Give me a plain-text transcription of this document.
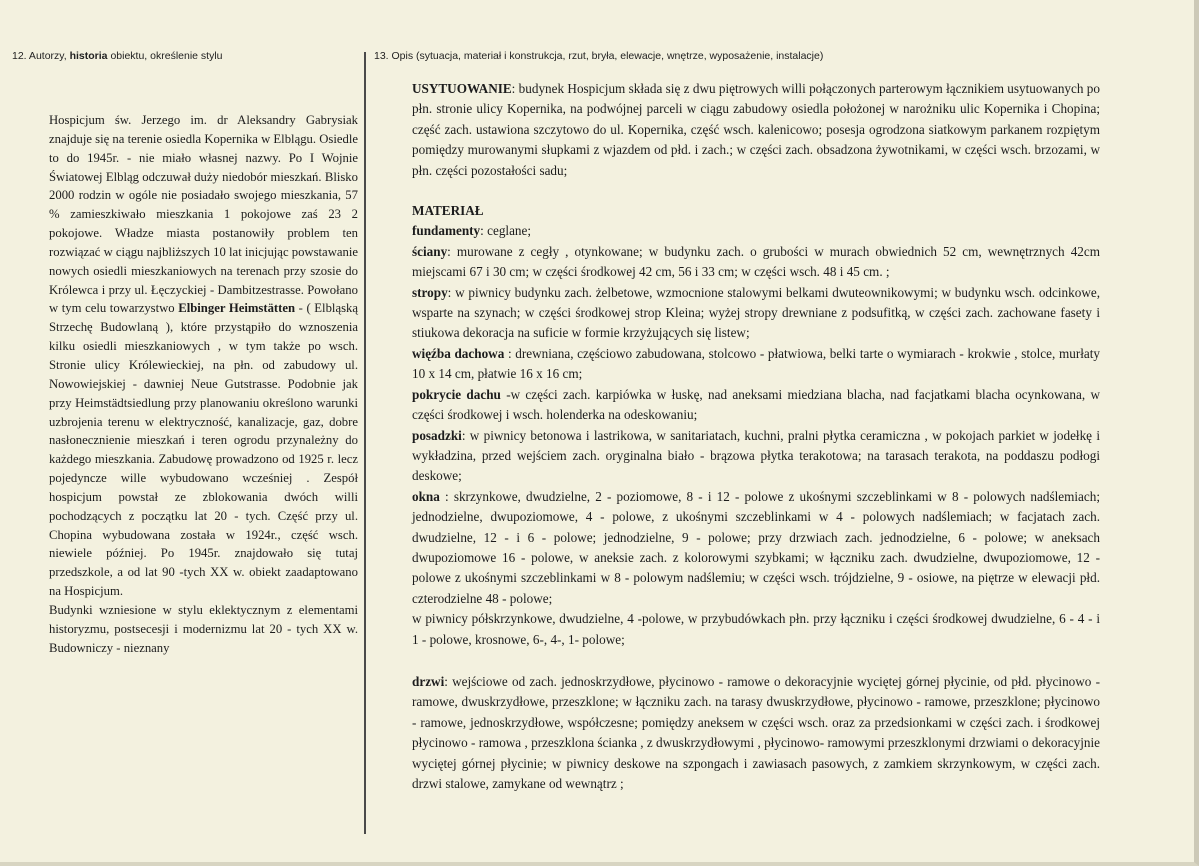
12. Autorzy, historia obiektu, określenie stylu	13. Opis (sytuacja, materiał i konstrukcja, rzut, bryła, elewacje, wnętrze, wyposażenie, instalacje)

Hospicjum św. Jerzego im. dr Aleksandry Gabrysiak znajduje się na terenie osiedla Kopernika w Elblągu. Osiedle to do 1945r. - nie miało własnej nazwy. Po I Wojnie Światowej Elbląg odczuwał duży niedobór mieszkań. Blisko 2000 rodzin w ogóle nie posiadało swojego mieszkania, 57 % zamieszkiwało mieszkania 1 pokojowe zaś 23 2 pokojowe. Władze miasta postanowiły problem ten rozwiązać w ciągu najbliższych 10 lat inicjując powstawanie nowych osiedli mieszkaniowych na terenach przy szosie do Królewca i przy ul. Łęczyckiej - Dambitzestrasse. Powołano w tym celu towarzystwo Elbinger Heimstätten - ( Elbląską Strzechę Budowlaną ), które przystąpiło do wznoszenia kilku osiedli mieszkaniowych , w tym także po wsch. Stronie ulicy Królewieckiej, na płn. od zabudowy ul. Nowowiejskiej - dawniej Neue Gutstrasse. Podobnie jak przy Heimstädtsiedlung przy planowaniu określono warunki uzbrojenia terenu w elektryczność, kanalizacje, gaz, dobre nasłonecznienie mieszkań i teren ogrodu przynależny do każdego mieszkania. Zabudowę prowadzono od 1925 r. lecz pojedyncze wille wybudowano wcześniej . Zespół hospicjum powstał ze zblokowania dwóch willi pochodzących z początku lat 20 - tych. Część przy ul. Chopina wybudowana została w 1924r., część wsch. niewiele później. Po 1945r. znajdowało się tutaj przedszkole, a od lat 90 -tych XX w. obiekt zaadaptowano na Hospicjum.

Budynki wzniesione w stylu eklektycznym z elementami historyzmu, postsecesji i modernizmu lat 20 - tych XX w. Budowniczy - nieznany

USYTUOWANIE: budynek Hospicjum składa się z dwu piętrowych willi połączonych parterowym łącznikiem usytuowanych po płn. stronie ulicy Kopernika, na podwójnej parceli w ciągu zabudowy osiedla położonej w narożniku ulic Kopernika i Chopina; część zach. ustawiona szczytowo do ul. Kopernika, część wsch. kalenicowo; posesja ogrodzona siatkowym parkanem rozpiętym pomiędzy murowanymi słupkami z wjazdem od płd. i zach.; w części zach. obsadzona żywotnikami, w części wsch. brzozami, w płn. części pozostałości sadu;

MATERIAŁ

fundamenty: ceglane;

ściany: murowane z cegły , otynkowane; w budynku zach. o grubości w murach obwiednich 52 cm, wewnętrznych 42cm miejscami 67 i 30 cm; w części środkowej 42 cm, 56 i 33 cm; w części wsch. 48 i 45 cm. ;

stropy: w piwnicy budynku zach. żelbetowe, wzmocnione stalowymi belkami dwuteownikowymi; w budynku wsch. odcinkowe, wsparte na szynach; w części środkowej strop Kleina; wyżej stropy drewniane z podsufitką, w części zach. zachowane fasety i stiukowa dekoracja na suficie w formie krzyżujących się listew;

więźba dachowa : drewniana, częściowo zabudowana, stolcowo - płatwiowa, belki tarte o wymiarach - krokwie , stolce, murłaty 10 x 14 cm, płatwie 16 x 16 cm;

pokrycie dachu -w części zach. karpiówka w łuskę, nad aneksami miedziana blacha, nad facjatkami blacha ocynkowana, w części środkowej i wsch. holenderka na odeskowaniu;

posadzki: w piwnicy betonowa i lastrikowa, w sanitariatach, kuchni, pralni płytka ceramiczna , w pokojach parkiet w jodełkę i wykładzina, przed wejściem zach. oryginalna biało - brązowa płytka terakotowa; na tarasach terakota, na poddaszu podłogi deskowe;

okna : skrzynkowe, dwudzielne, 2 - poziomowe, 8 - i 12 - polowe z ukośnymi szczeblinkami w 8 - polowych nadślemiach; jednodzielne, dwupoziomowe, 4 - polowe, z ukośnymi szczeblinkami w 4 - polowych nadślemiach; w facjatach zach. dwudzielne, 12 - i 6 - polowe; jednodzielne, 9 - polowe; przy drzwiach zach. jednodzielne, 6 - polowe; w aneksach dwupoziomowe 16 - polowe, w aneksie zach. z kolorowymi szybkami; w łączniku zach. dwudzielne, dwupoziomowe, 12 - polowe z ukośnymi szczeblinkami w 8 - polowym nadślemiu; w części wsch. trójdzielne, 9 - osiowe, na piętrze w elewacji płd. czterodzielne 48 - polowe;

w piwnicy półskrzynkowe, dwudzielne, 4 -polowe, w przybudówkach płn. przy łączniku i części środkowej dwudzielne, 6 - 4 - i 1 - polowe, krosnowe, 6-, 4-, 1- polowe;

drzwi: wejściowe od zach. jednoskrzydłowe, płycinowo - ramowe o dekoracyjnie wyciętej górnej płycinie, od płd. płycinowo - ramowe, dwuskrzydłowe, przeszklone; w łączniku zach. na tarasy dwuskrzydłowe, płycinowo - ramowe, przeszklone; płycinowo - ramowe, jednoskrzydłowe, współczesne; pomiędzy aneksem w części wsch. oraz za przedsionkami w części zach. i środkowej płycinowo - ramowa , przeszklona ścianka , z dwuskrzydłowymi , płycinowo- ramowymi przeszklonymi drzwiami o dekoracyjnie wyciętej górnej płycinie; w piwnicy deskowe na szpongach i zawiasach pasowych, z zamkiem skrzynkowym, w części zach. drzwi stalowe, zamykane od wewnątrz ;
